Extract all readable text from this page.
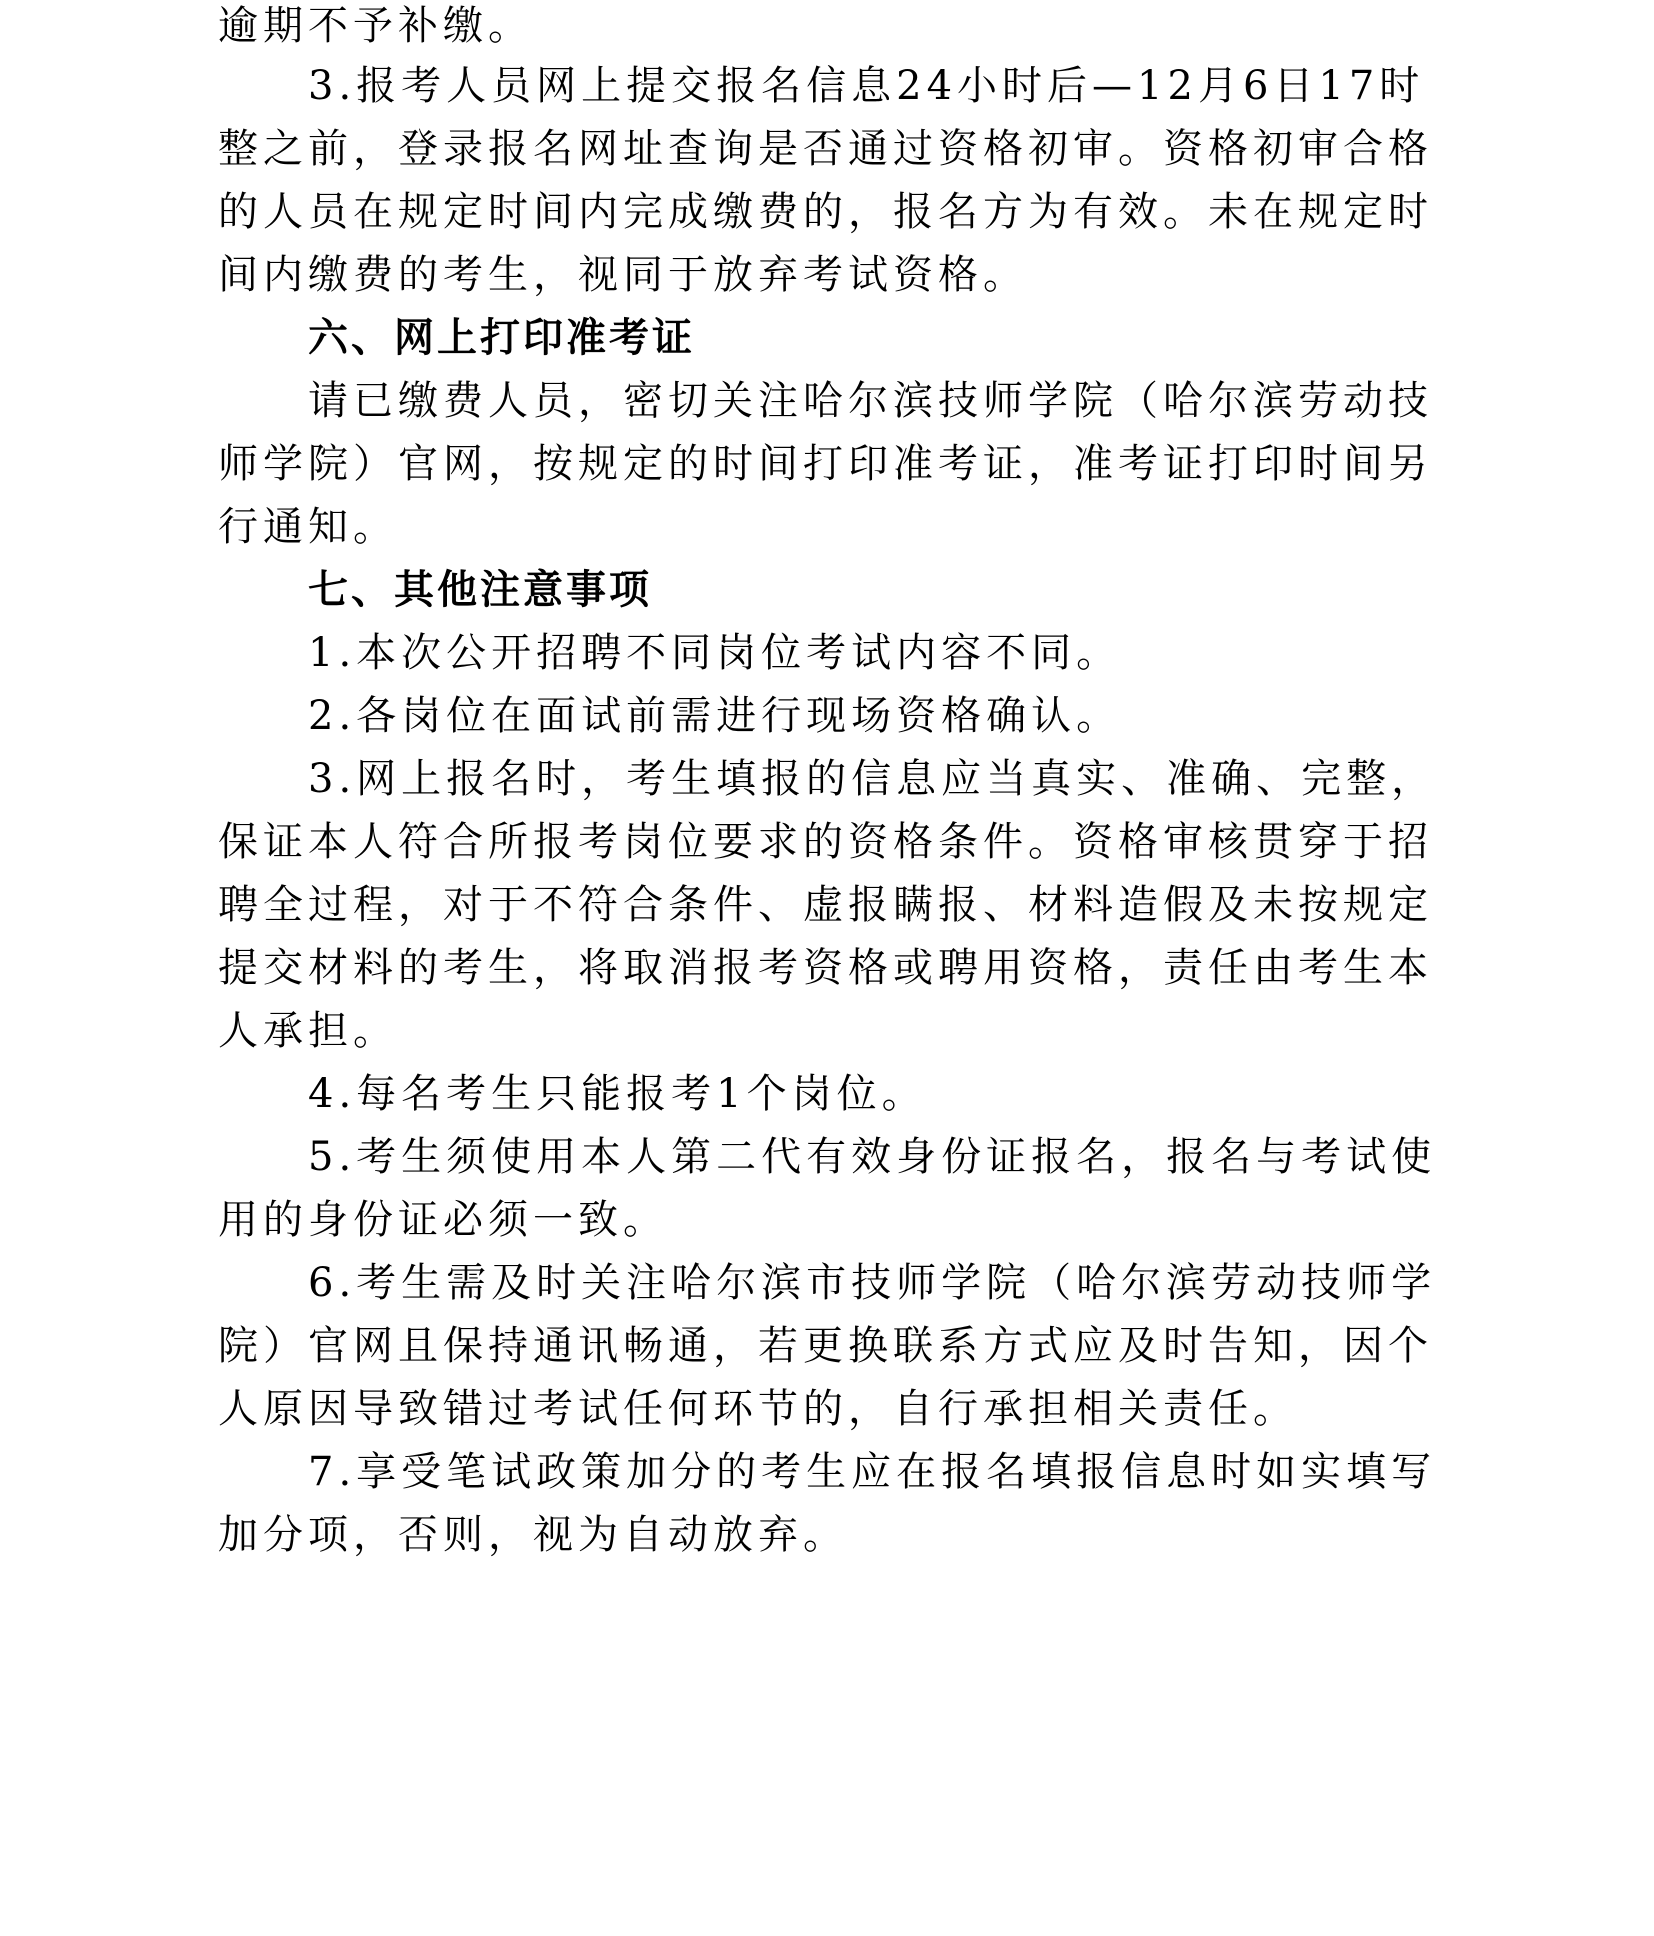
逾期不予补缴。
3.报考人员网上提交报名信息24小时后—12月6日17时
整之前，登录报名网址查询是否通过资格初审。资格初审合格
的人员在规定时间内完成缴费的，报名方为有效。未在规定时
间内缴费的考生，视同于放弃考试资格。
六、网上打印准考证
请已缴费人员，密切关注哈尔滨技师学院（哈尔滨劳动技
师学院）官网，按规定的时间打印准考证，准考证打印时间另
行通知。
七、其他注意事项
1.本次公开招聘不同岗位考试内容不同。
2.各岗位在面试前需进行现场资格确认。
3.网上报名时，考生填报的信息应当真实、准确、完整，
保证本人符合所报考岗位要求的资格条件。资格审核贯穿于招
聘全过程，对于不符合条件、虚报瞒报、材料造假及未按规定
提交材料的考生，将取消报考资格或聘用资格，责任由考生本
人承担。
4.每名考生只能报考1个岗位。
5.考生须使用本人第二代有效身份证报名，报名与考试使
用的身份证必须一致。
6.考生需及时关注哈尔滨市技师学院（哈尔滨劳动技师学
院）官网且保持通讯畅通，若更换联系方式应及时告知，因个
人原因导致错过考试任何环节的，自行承担相关责任。
7.享受笔试政策加分的考生应在报名填报信息时如实填写
加分项，否则，视为自动放弃。
